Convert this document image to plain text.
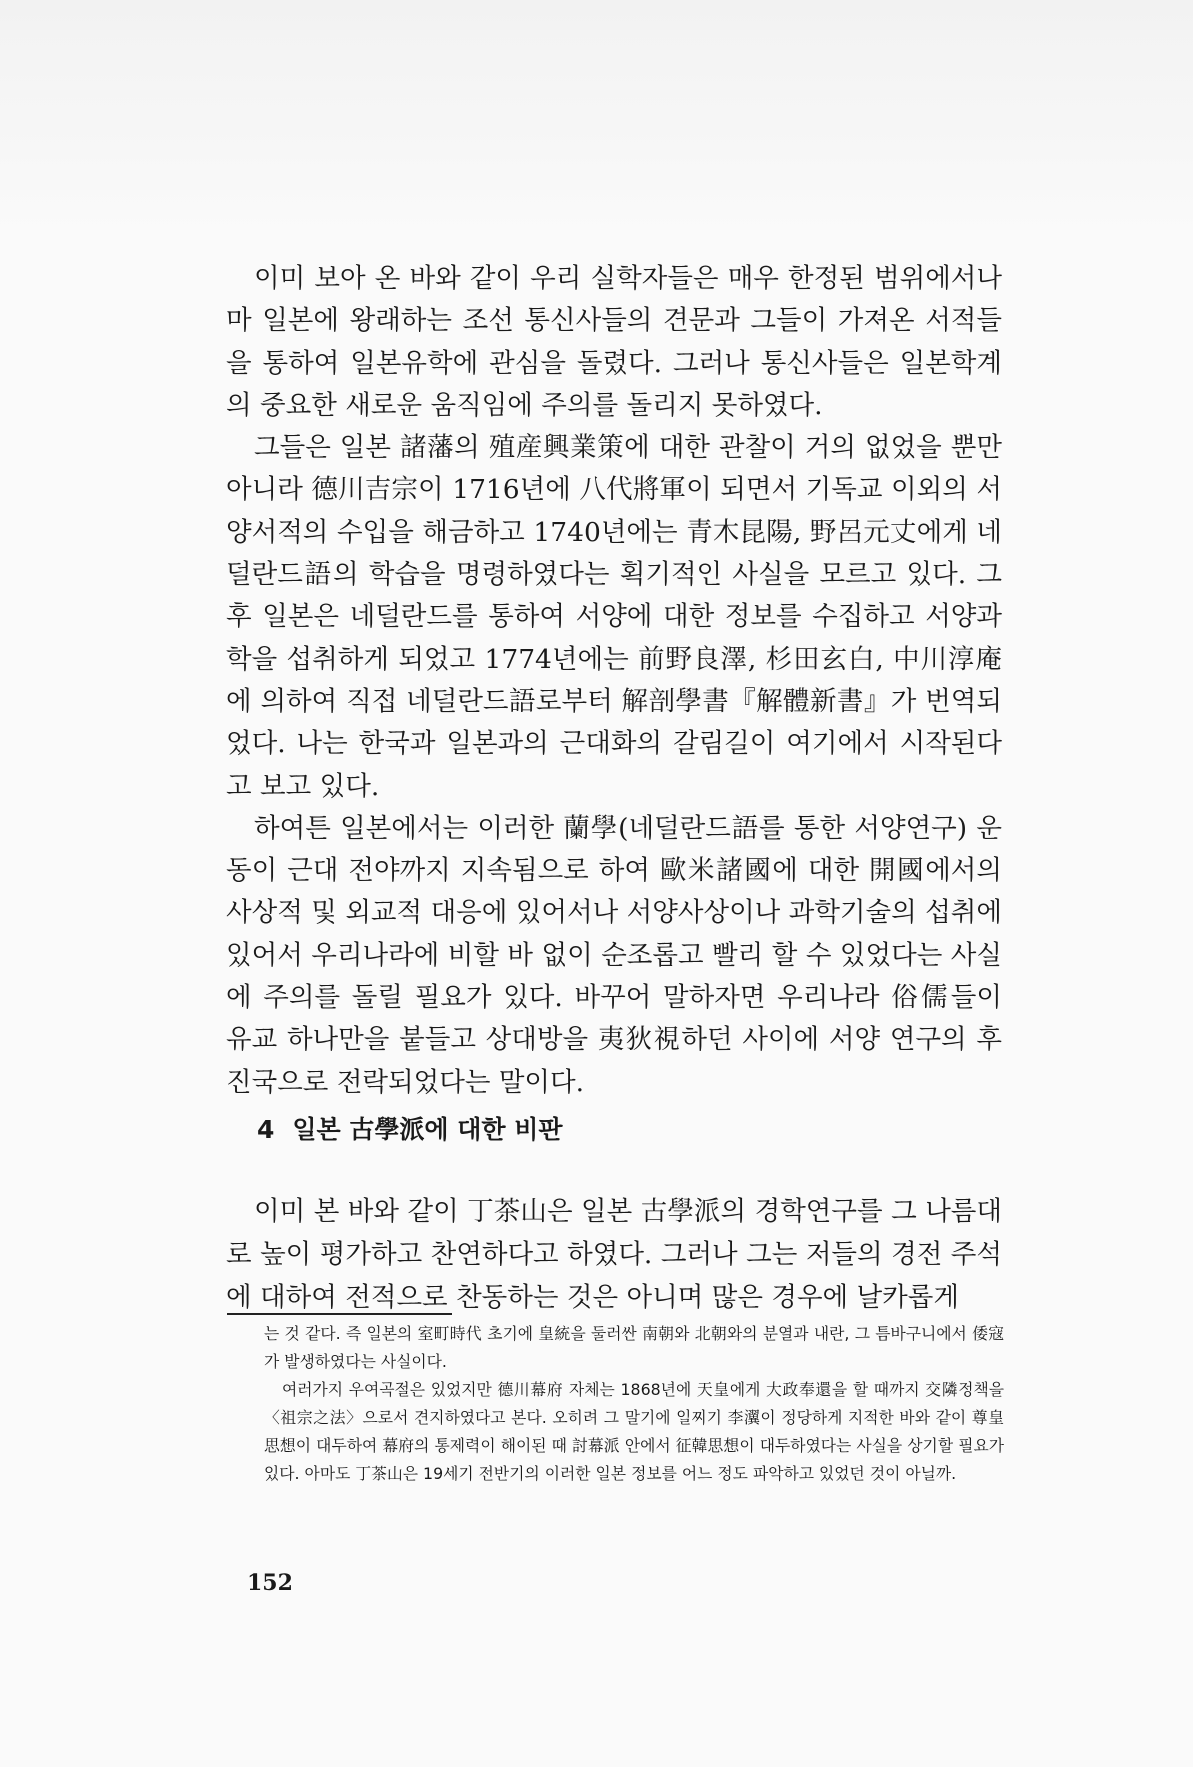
이미 보아 온 바와 같이 우리 실학자들은 매우 한정된 범위에서나마 일본에 왕래하는 조선 통신사들의 견문과 그들이 가져온 서적들을 통하여 일본유학에 관심을 돌렸다. 그러나 통신사들은 일본학계의 중요한 새로운 움직임에 주의를 돌리지 못하였다.

그들은 일본 諸藩의 殖産興業策에 대한 관찰이 거의 없었을 뿐만 아니라 德川吉宗이 1716년에 八代將軍이 되면서 기독교 이외의 서양서적의 수입을 해금하고 1740년에는 青木昆陽, 野呂元丈에게 네덜란드語의 학습을 명령하였다는 획기적인 사실을 모르고 있다. 그 후 일본은 네덜란드를 통하여 서양에 대한 정보를 수집하고 서양과학을 섭취하게 되었고 1774년에는 前野良澤, 杉田玄白, 中川淳庵에 의하여 직접 네덜란드語로부터 解剖學書『解體新書』가 번역되었다. 나는 한국과 일본과의 근대화의 갈림길이 여기에서 시작된다고 보고 있다.

하여튼 일본에서는 이러한 蘭學(네덜란드語를 통한 서양연구) 운동이 근대 전야까지 지속됨으로 하여 歐米諸國에 대한 開國에서의 사상적 및 외교적 대응에 있어서나 서양사상이나 과학기술의 섭취에 있어서 우리나라에 비할 바 없이 순조롭고 빨리 할 수 있었다는 사실에 주의를 돌릴 필요가 있다. 바꾸어 말하자면 우리나라 俗儒들이 유교 하나만을 붙들고 상대방을 夷狄視하던 사이에 서양 연구의 후진국으로 전락되었다는 말이다.

4 일본 古學派에 대한 비판

이미 본 바와 같이 丁茶山은 일본 古學派의 경학연구를 그 나름대로 높이 평가하고 찬연하다고 하였다. 그러나 그는 저들의 경전 주석에 대하여 전적으로 찬동하는 것은 아니며 많은 경우에 날카롭게

는 것 같다. 즉 일본의 室町時代 초기에 皇統을 둘러싼 南朝와 北朝와의 분열과 내란, 그 틈바구니에서 倭寇가 발생하였다는 사실이다.

여러가지 우여곡절은 있었지만 德川幕府 자체는 1868년에 天皇에게 大政奉還을 할 때까지 交隣정책을 〈祖宗之法〉으로서 견지하였다고 본다. 오히려 그 말기에 일찌기 李瀷이 정당하게 지적한 바와 같이 尊皇思想이 대두하여 幕府의 통제력이 해이된 때 討幕派 안에서 征韓思想이 대두하였다는 사실을 상기할 필요가 있다. 아마도 丁茶山은 19세기 전반기의 이러한 일본 정보를 어느 정도 파악하고 있었던 것이 아닐까.

152
